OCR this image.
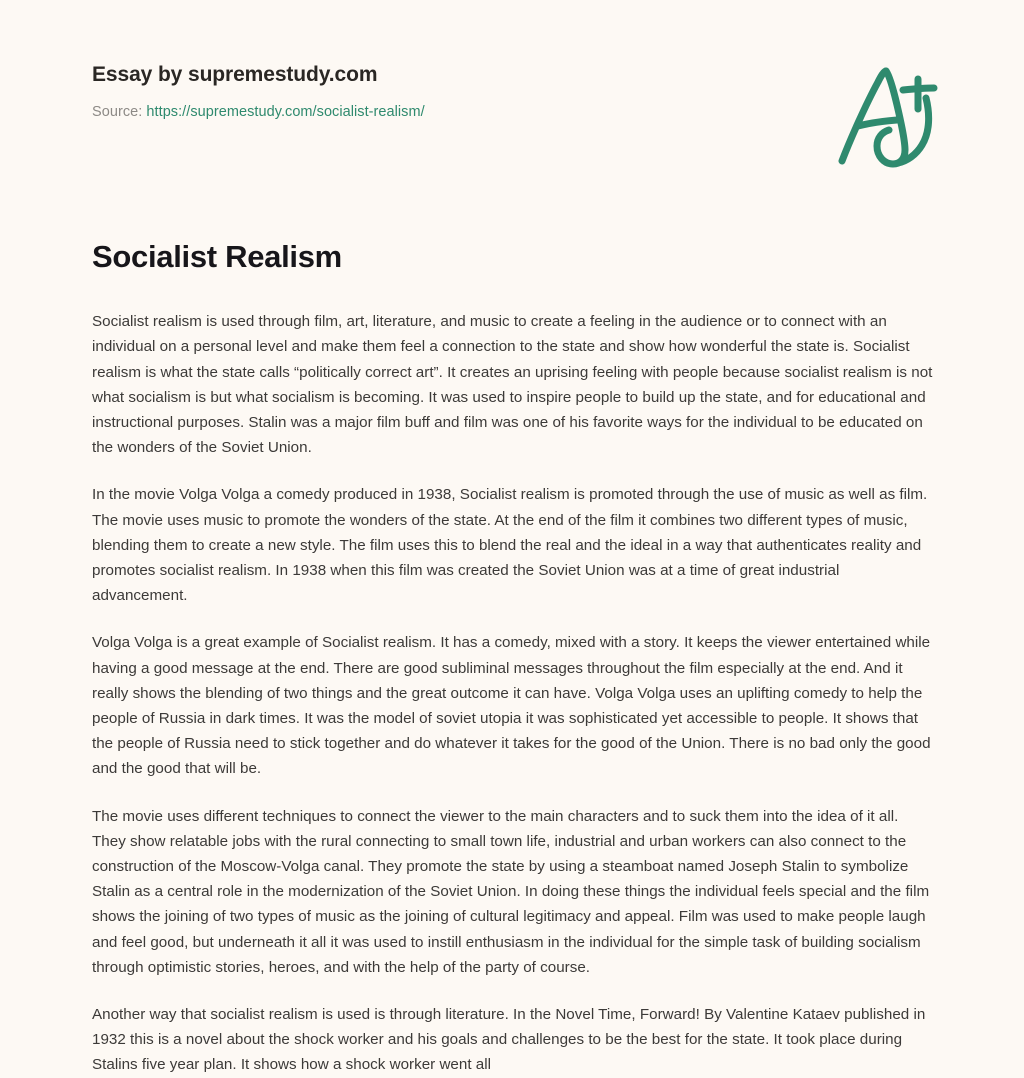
Essay by supremestudy.com

Source: https://supremestudy.com/socialist-realism/

Socialist Realism

Socialist realism is used through film, art, literature, and music to create a feeling in the audience or to connect with an individual on a personal level and make them feel a connection to the state and show how wonderful the state is. Socialist realism is what the state calls “politically correct art”. It creates an uprising feeling with people because socialist realism is not what socialism is but what socialism is becoming. It was used to inspire people to build up the state, and for educational and instructional purposes. Stalin was a major film buff and film was one of his favorite ways for the individual to be educated on the wonders of the Soviet Union.

In the movie Volga Volga a comedy produced in 1938, Socialist realism is promoted through the use of music as well as film. The movie uses music to promote the wonders of the state. At the end of the film it combines two different types of music, blending them to create a new style. The film uses this to blend the real and the ideal in a way that authenticates reality and promotes socialist realism. In 1938 when this film was created the Soviet Union was at a time of great industrial advancement.

Volga Volga is a great example of Socialist realism. It has a comedy, mixed with a story. It keeps the viewer entertained while having a good message at the end. There are good subliminal messages throughout the film especially at the end. And it really shows the blending of two things and the great outcome it can have. Volga Volga uses an uplifting comedy to help the people of Russia in dark times. It was the model of soviet utopia it was sophisticated yet accessible to people. It shows that the people of Russia need to stick together and do whatever it takes for the good of the Union. There is no bad only the good and the good that will be.

The movie uses different techniques to connect the viewer to the main characters and to suck them into the idea of it all. They show relatable jobs with the rural connecting to small town life, industrial and urban workers can also connect to the construction of the Moscow-Volga canal. They promote the state by using a steamboat named Joseph Stalin to symbolize Stalin as a central role in the modernization of the Soviet Union. In doing these things the individual feels special and the film shows the joining of two types of music as the joining of cultural legitimacy and appeal. Film was used to make people laugh and feel good, but underneath it all it was used to instill enthusiasm in the individual for the simple task of building socialism through optimistic stories, heroes, and with the help of the party of course.

Another way that socialist realism is used is through literature. In the Novel Time, Forward! By Valentine Kataev published in 1932 this is a novel about the shock worker and his goals and challenges to be the best for the state. It took place during Stalins five year plan. It shows how a shock worker went all
